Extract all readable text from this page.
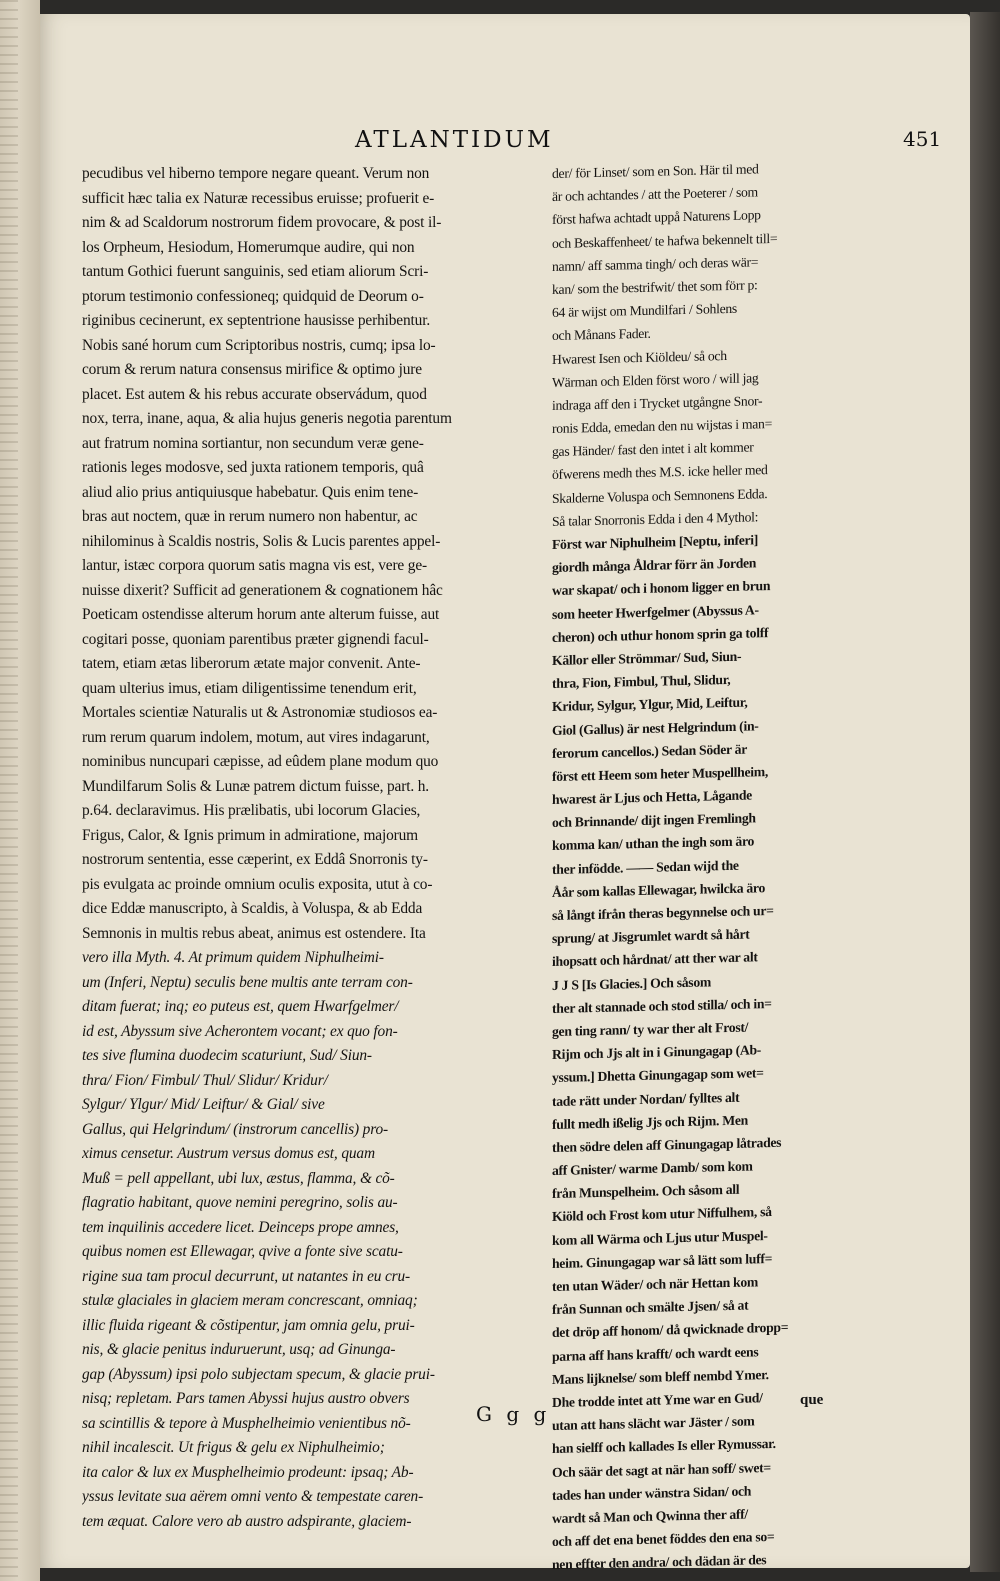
ATLANTIDUM	451
pecudibus vel hiberno tempore negare queant. Verum non
sufficit hæc talia ex Naturæ recessibus eruisse; profuerit e-
nim & ad Scaldorum nostrorum fidem provocare, & post il-
los Orpheum, Hesiodum, Homerumque audire, qui non
tantum Gothici fuerunt sanguinis, sed etiam aliorum Scri-
ptorum testimonio confessioneq; quidquid de Deorum o-
riginibus cecinerunt, ex septentrione hausisse perhibentur.
Nobis sané horum cum Scriptoribus nostris, cumq; ipsa lo-
corum & rerum natura consensus mirifice & optimo jure
placet. Est autem & his rebus accurate observádum, quod
nox, terra, inane, aqua, & alia hujus generis negotia parentum
aut fratrum nomina sortiantur, non secundum veræ gene-
rationis leges modosve, sed juxta rationem temporis, quâ
aliud alio prius antiquiusque habebatur. Quis enim tene-
bras aut noctem, quæ in rerum numero non habentur, ac
nihilominus à Scaldis nostris, Solis & Lucis parentes appel-
lantur, istæc corpora quorum satis magna vis est, vere ge-
nuisse dixerit? Sufficit ad generationem & cognationem hâc
Poeticam ostendisse alterum horum ante alterum fuisse, aut
cogitari posse, quoniam parentibus præter gignendi facul-
tatem, etiam ætas liberorum ætate major convenit. Ante-
quam ulterius imus, etiam diligentissime tenendum erit,
Mortales scientiæ Naturalis ut & Astronomiæ studiosos ea-
rum rerum quarum indolem, motum, aut vires indagarunt,
nominibus nuncupari cæpisse, ad eûdem plane modum quo
Mundilfarum Solis & Lunæ patrem dictum fuisse, part. h.
p.64. declaravimus. His prælibatis, ubi locorum Glacies,
Frigus, Calor, & Ignis primum in admiratione, majorum
nostrorum sententia, esse cæperint, ex Eddâ Snorronis ty-
pis evulgata ac proinde omnium oculis exposita, utut à co-
dice Eddæ manuscripto, à Scaldis, à Voluspa, & ab Edda
Semnonis in multis rebus abeat, animus est ostendere. Ita
vero illa Myth. 4. At primum quidem Niphulheimi-
um (Inferi, Neptu) seculis bene multis ante terram con-
ditam fuerat; inq; eo puteus est, quem Hwarfgelmer/
id est, Abyssum sive Acherontem vocant; ex quo fon-
tes sive flumina duodecim scaturiunt, Sud/ Siun-
thra/ Fion/ Fimbul/ Thul/ Slidur/ Kridur/
Sylgur/ Ylgur/ Mid/ Leiftur/ & Gial/ sive
Gallus, qui Helgrindum/ (instrorum cancellis) pro-
ximus censetur. Austrum versus domus est, quam
Muß = pell appellant, ubi lux, æstus, flamma, & cõ-
flagratio habitant, quove nemini peregrino, solis au-
tem inquilinis accedere licet. Deinceps prope amnes,
quibus nomen est Ellewagar, qvive a fonte sive scatu-
rigine sua tam procul decurrunt, ut natantes in eu cru-
stulæ glaciales in glaciem meram concrescant, omniaq;
illic fluida rigeant & cõstipentur, jam omnia gelu, prui-
nis, & glacie penitus induruerunt, usq; ad Ginunga-
gap (Abyssum) ipsi polo subjectam specum, & glacie prui-
nisq; repletam. Pars tamen Abyssi hujus austro obvers
sa scintillis & tepore à Musphelheimio venientibus nõ-
nihil incalescit. Ut frigus & gelu ex Niphulheimio;
ita calor & lux ex Musphelheimio prodeunt: ipsaq; Ab-
yssus levitate sua aërem omni vento & tempestate caren-
tem æquat. Calore vero ab austro adspirante, glaciem-
der/ för Linset/ som en Son. Här til med
är och achtandes / att the Poeterer / som
först hafwa achtadt uppå Naturens Lopp
och Beskaffenheet/ te hafwa bekennelt till=
namn/ aff samma tingh/ och deras wär=
kan/ som the bestrifwit/ thet som förr p:
64 är wijst om Mundilfari / Sohlens
och Månans Fader.
Hwarest Isen och Kiöldeu/ så och
Wärman och Elden först woro / will jag
indraga aff den i Trycket utgångne Snor-
ronis Edda, emedan den nu wijstas i man=
gas Händer/ fast den intet i alt kommer
öfwerens medh thes M.S. icke heller med
Skalderne Voluspa och Semnonens Edda.
Så talar Snorronis Edda i den 4 Mythol:
Först war Niphulheim [Neptu, inferi]
giordh många Åldrar förr än Jorden
war skapat/ och i honom ligger en brun
som heeter Hwerfgelmer (Abyssus A-
cheron) och uthur honom sprin ga tolff
Källor eller Strömmar/ Sud, Siun-
thra, Fion, Fimbul, Thul, Slidur,
Kridur, Sylgur, Ylgur, Mid, Leiftur,
Giol (Gallus) är nest Helgrindum (in-
ferorum cancellos.) Sedan Söder är
först ett Heem som heter Muspellheim,
hwarest är Ljus och Hetta, Lågande
och Brinnande/ dijt ingen Fremlingh
komma kan/ uthan the ingh som äro
ther infödde. —— Sedan wijd the
Åår som kallas Ellewagar, hwilcka äro
så långt ifrån theras begynnelse och ur=
sprung/ at Jisgrumlet wardt så hårt
ihopsatt och hårdnat/ att ther war alt
J J S [Is Glacies.] Och såsom
ther alt stannade och stod stilla/ och in=
gen ting rann/ ty war ther alt Frost/
Rijm och Jjs alt in i Ginungagap (Ab-
yssum.] Dhetta Ginungagap som wet=
tade rätt under Nordan/ fylltes alt
fullt medh ißelig Jjs och Rijm. Men
then södre delen aff Ginungagap låtrades
aff Gnister/ warme Damb/ som kom
från Munspelheim. Och såsom all
Kiöld och Frost kom utur Niffulhem, så
kom all Wärma och Ljus utur Muspel-
heim. Ginungagap war så lätt som luff=
ten utan Wäder/ och när Hettan kom
från Sunnan och smälte Jjsen/ så at
det dröp aff honom/ då qwicknade dropp=
parna aff hans krafft/ och wardt eens
Mans lijknelse/ som bleff nembd Ymer.
Dhe trodde intet att Yme war en Gud/
utan att hans slächt war Jäster / som
han sielff och kallades Is eller Rymussar.
Och säär det sagt at när han soff/ swet=
tades han under wänstra Sidan/ och
wardt så Man och Qwinna ther aff/
och aff det ena benet föddes den ena so=
nen effter den andra/ och dädan är des
G g g
que
